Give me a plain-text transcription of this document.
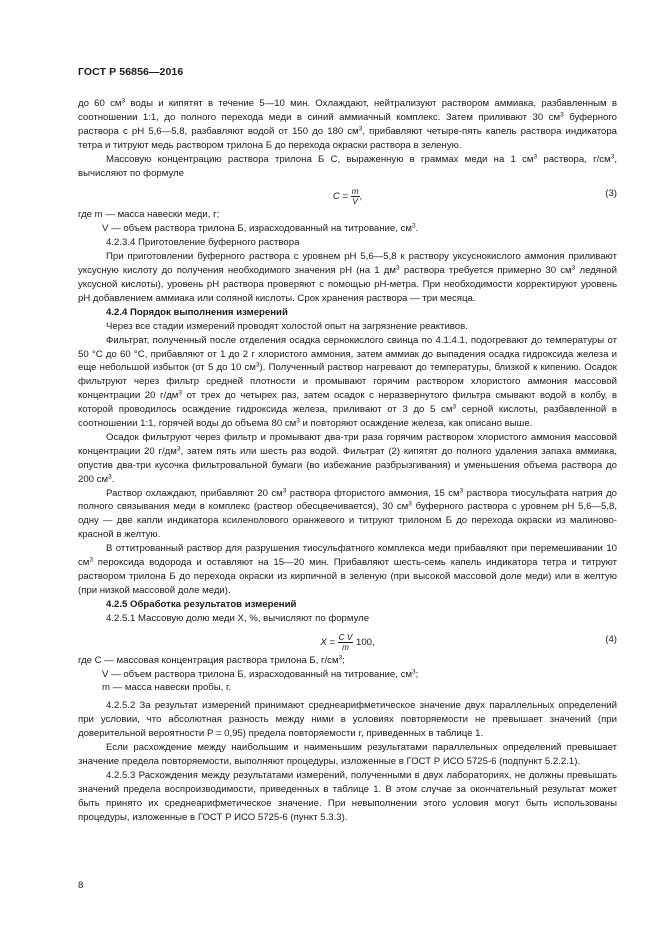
ГОСТ Р 56856—2016

до 60 $см^3$ воды и кипятят в течение 5—10 мин. Охлаждают, нейтрализуют раствором аммиака, разбавленным в соотношении 1:1, до полного перехода меди в синий аммиачный комплекс. Затем приливают 30 $см^3$ буферного раствора с рН 5,6—5,8, разбавляют водой от 150 до 180 $см^3$, прибавляют четыре-пять капель раствора индикатора тетра и титруют медь раствором трилона Б до перехода окраски раствора в зеленую.

Массовую концентрацию раствора трилона Б C, выраженную в граммах меди на 1 $см^3$ раствора, $г/см^3$, вычисляют по формуле

$C = \frac{m}{V}$ ,	(3)
где m — масса навески меди, г;
V — объем раствора трилона Б, израсходованный на титрование, $см^3$.

4.2.3.4 Приготовление буферного раствора

При приготовлении буферного раствора с уровнем рН 5,6—5,8 к раствору уксуснокислого аммония приливают уксусную кислоту до получения необходимого значения рН (на 1 $дм^3$ раствора требуется примерно 30 $см^3$ ледяной уксусной кислоты), уровень рН раствора проверяют с помощью рН-метра. При необходимости корректируют уровень рН добавлением аммиака или соляной кислоты. Срок хранения раствора — три месяца.

4.2.4 Порядок выполнения измерений

Через все стадии измерений проводят холостой опыт на загрязнение реактивов.

Фильтрат, полученный после отделения осадка сернокислого свинца по 4.1.4.1, подогревают до температуры от 50 °С до 60 °С, прибавляют от 1 до 2 г хлористого аммония, затем аммиак до выпадения осадка гидроксида железа и еще небольшой избыток (от 5 до 10 $см^3$). Полученный раствор нагревают до температуры, близкой к кипению. Осадок фильтруют через фильтр средней плотности и промывают горячим раствором хлористого аммония массовой концентрации 20 $г/дм^3$ от трех до четырех раз, затем осадок с неразвернутого фильтра смывают водой в колбу, в которой проводилось осаждение гидроксида железа, приливают от 3 до 5 $см^3$ серной кислоты, разбавленной в соотношении 1:1, горячей воды до объема 80 $см^3$ и повторяют осаждение железа, как описано выше.

Осадок фильтруют через фильтр и промывают два-три раза горячим раствором хлористого аммония массовой концентрации 20 $г/дм^3$, затем пять или шесть раз водой. Фильтрат (2) кипятят до полного удаления запаха аммиака, опустив два-три кусочка фильтровальной бумаги (во избежание разбрызгивания) и уменьшения объема раствора до 200 $см^3$.

Раствор охлаждают, прибавляют 20 $см^3$ раствора фтористого аммония, 15 $см^3$ раствора тиосульфата натрия до полного связывания меди в комплекс (раствор обесцвечивается), 30 $см^3$ буферного раствора с уровнем рН 5,6—5,8, одну — две капли индикатора ксиленолового оранжевого и титруют трилоном Б до перехода окраски из малиново-красной в желтую.

В оттитрованный раствор для разрушения тиосульфатного комплекса меди прибавляют при перемешивании 10 $см^3$ пероксида водорода и оставляют на 15—20 мин. Прибавляют шесть-семь капель индикатора тетра и титруют раствором трилона Б до перехода окраски из кирпичной в зеленую (при высокой массовой доле меди) или в желтую (при низкой массовой доле меди).

4.2.5 Обработка результатов измерений

4.2.5.1 Массовую долю меди X, %, вычисляют по формуле

$X = \frac{\text{C V}}{m} 100$,	(4)
где C — массовая концентрация раствора трилона Б, $г/см^3$;
V — объем раствора трилона Б, израсходованный на титрование, $см^3$;
m — масса навески пробы, г.

4.2.5.2 За результат измерений принимают среднеарифметическое значение двух параллельных определений при условии, что абсолютная разность между ними в условиях повторяемости не превышает значений (при доверительной вероятности P = 0,95) предела повторяемости r, приведенных в таблице 1.

Если расхождение между наибольшим и наименьшим результатами параллельных определений превышает значение предела повторяемости, выполняют процедуры, изложенные в ГОСТ Р ИСО 5725-6 (подпункт 5.2.2.1).

4.2.5.3 Расхождения между результатами измерений, полученными в двух лабораториях, не должны превышать значений предела воспроизводимости, приведенных в таблице 1. В этом случае за окончательный результат может быть принято их среднеарифметическое значение. При невыполнении этого условия могут быть использованы процедуры, изложенные в ГОСТ Р ИСО 5725-6 (пункт 5.3.3).

8
